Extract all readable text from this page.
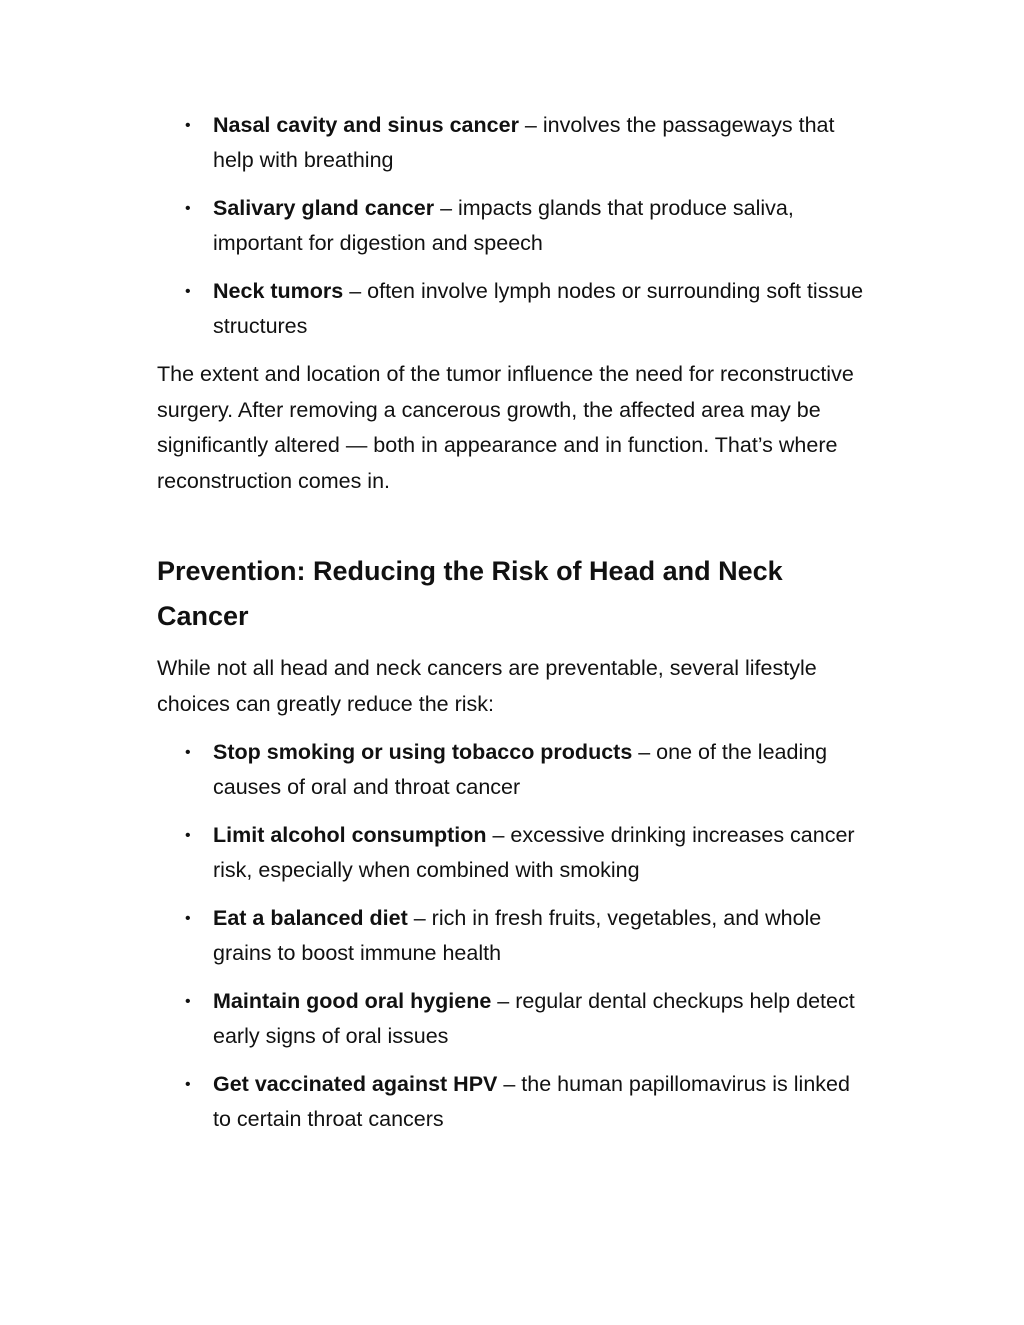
• Nasal cavity and sinus cancer – involves the passageways that help with breathing
• Salivary gland cancer – impacts glands that produce saliva, important for digestion and speech
• Neck tumors – often involve lymph nodes or surrounding soft tissue structures

The extent and location of the tumor influence the need for reconstructive surgery. After removing a cancerous growth, the affected area may be significantly altered — both in appearance and in function. That’s where reconstruction comes in.

Prevention: Reducing the Risk of Head and Neck Cancer

While not all head and neck cancers are preventable, several lifestyle choices can greatly reduce the risk:

• Stop smoking or using tobacco products – one of the leading causes of oral and throat cancer
• Limit alcohol consumption – excessive drinking increases cancer risk, especially when combined with smoking
• Eat a balanced diet – rich in fresh fruits, vegetables, and whole grains to boost immune health
• Maintain good oral hygiene – regular dental checkups help detect early signs of oral issues
• Get vaccinated against HPV – the human papillomavirus is linked to certain throat cancers
